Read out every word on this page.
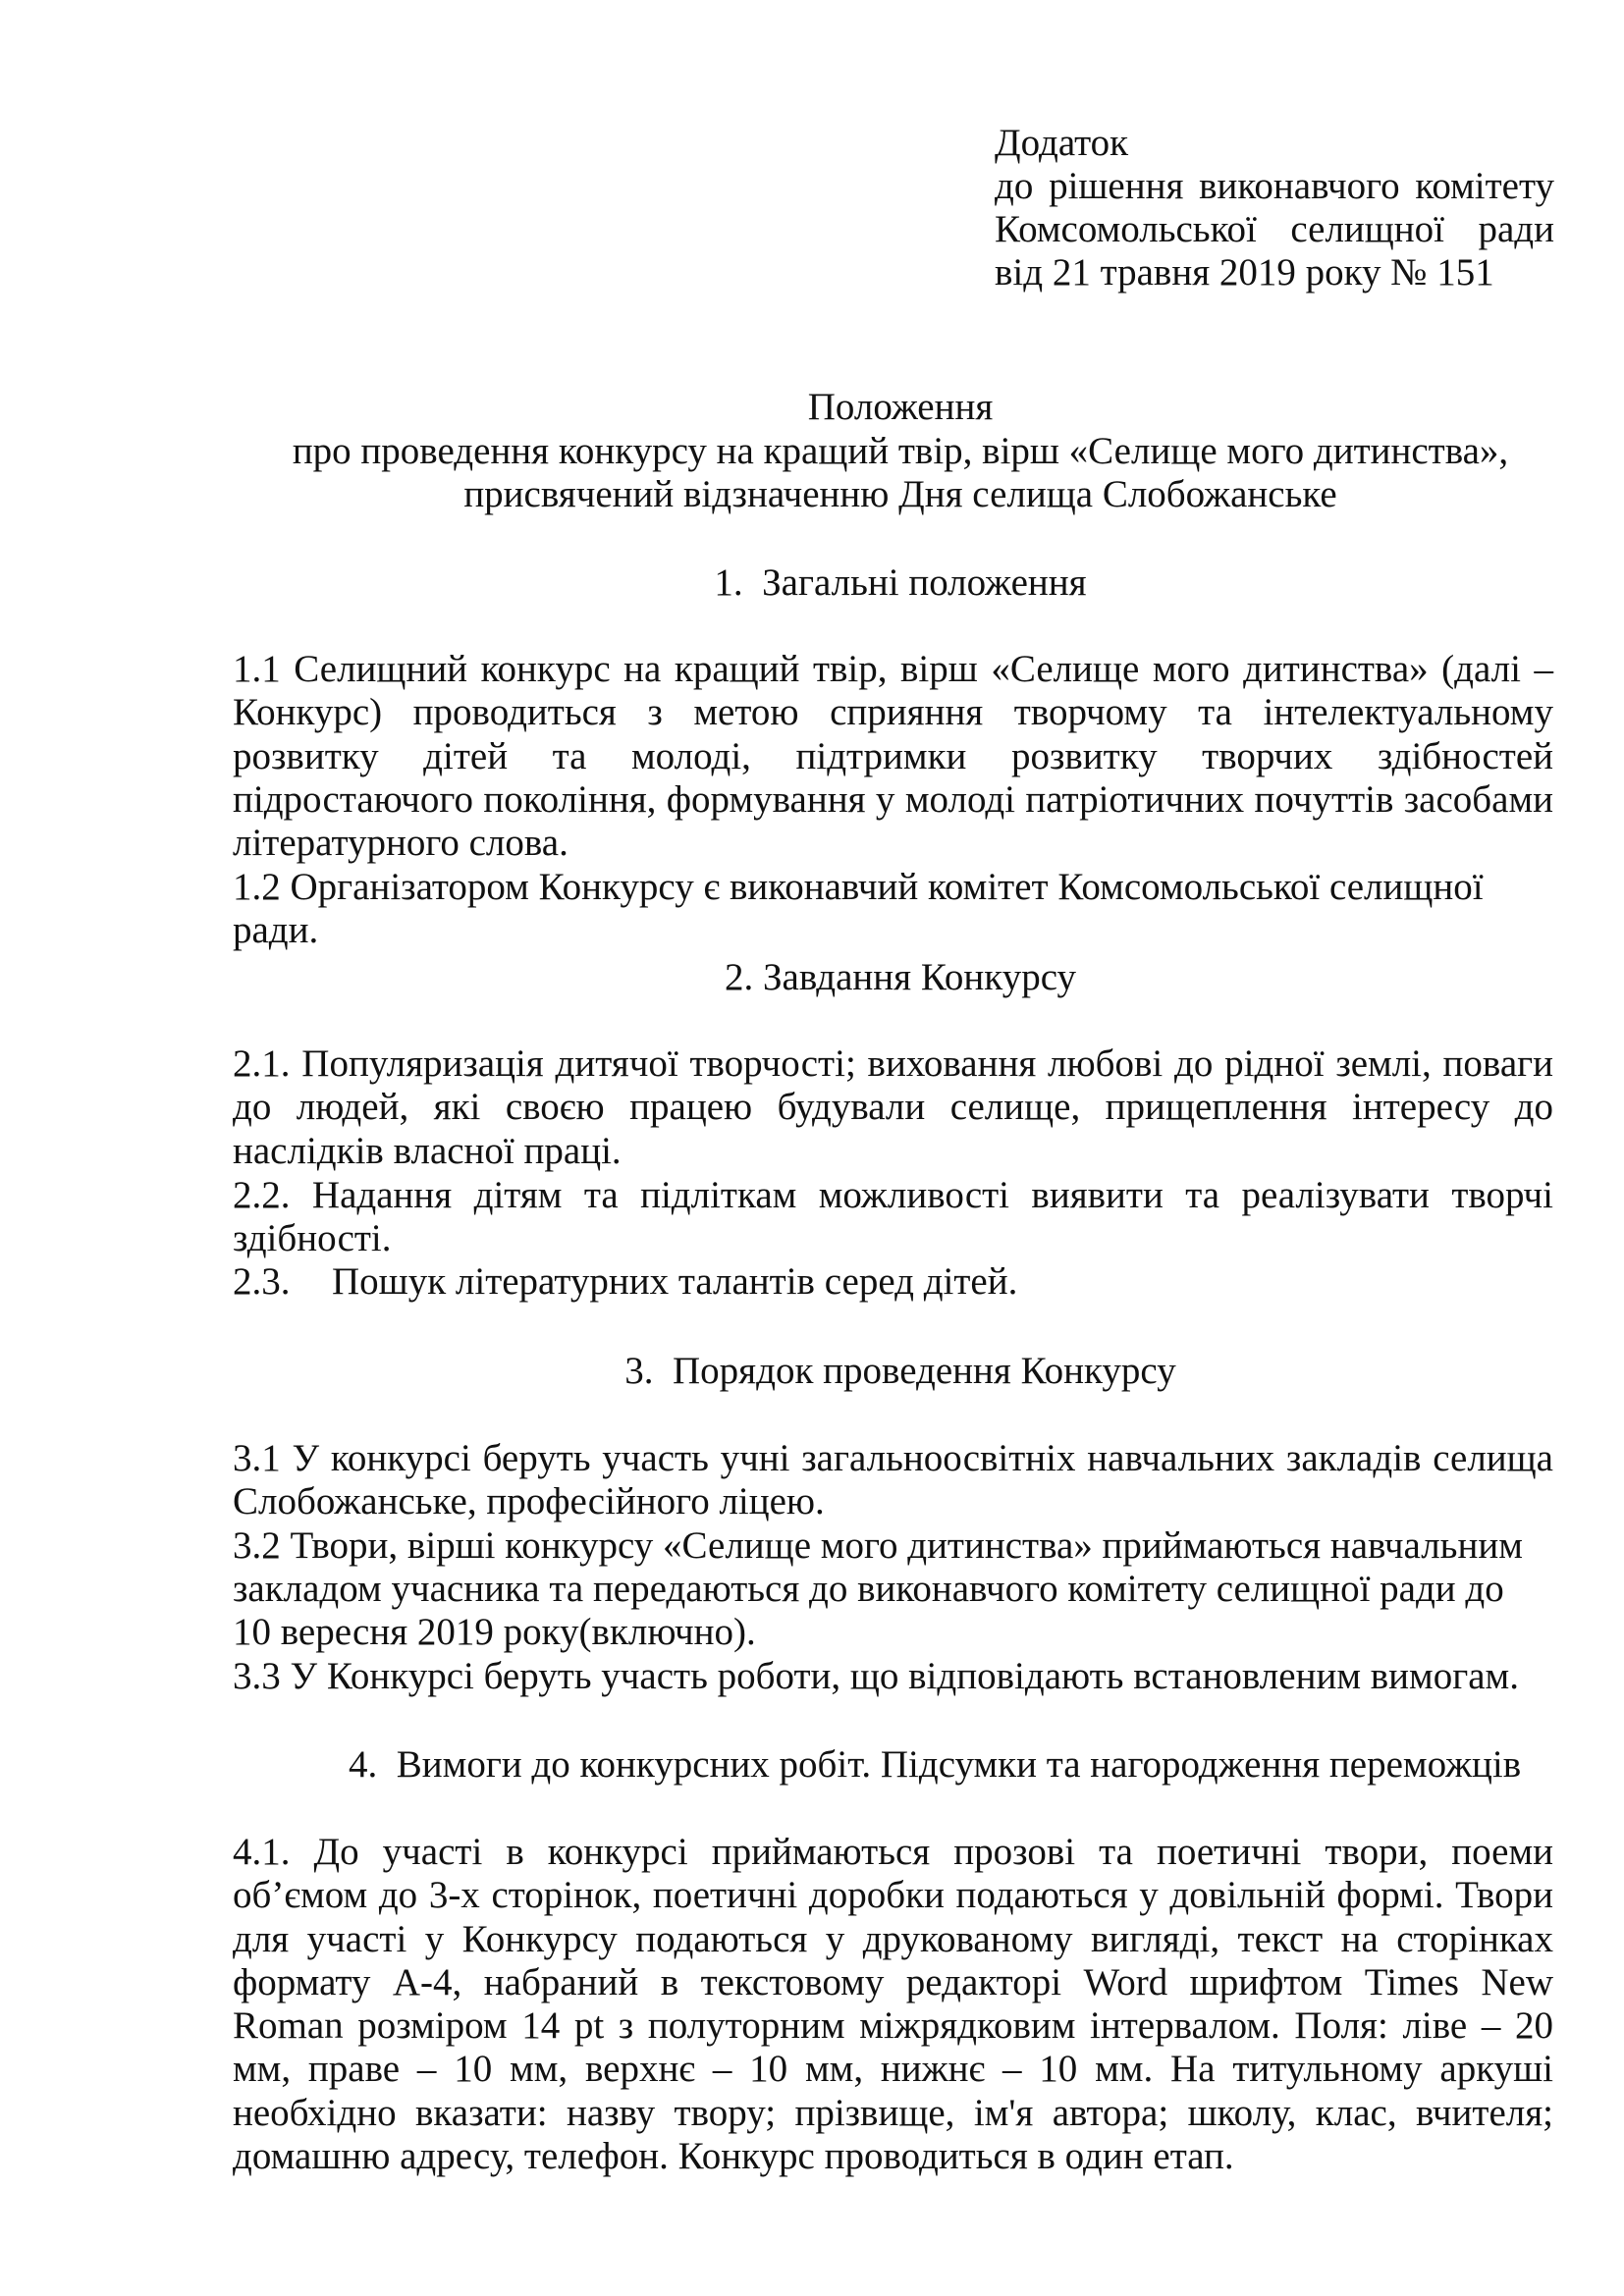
Додаток
до рішення виконавчого комітету
Комсомольської   селищної   ради
від 21 травня 2019 року № 151
Положення
про проведення конкурсу на кращий твір, вірш «Селище мого дитинства»,
присвячений відзначенню Дня селища Слобожанське
1.  Загальні положення
1.1 Селищний конкурс на кращий твір, вірш «Селище мого дитинства» (далі – Конкурс) проводиться з метою сприяння творчому та інтелектуальному розвитку дітей та молоді, підтримки розвитку творчих здібностей підростаючого покоління, формування у молоді патріотичних почуттів засобами літературного слова.
1.2 Організатором Конкурсу є виконавчий комітет Комсомольської селищної ради.
2. Завдання Конкурсу
2.1. Популяризація дитячої творчості; виховання любові до рідної землі, поваги до людей, які своєю працею будували селище, прищеплення інтересу до наслідків власної праці.
2.2. Надання дітям та підліткам можливості виявити та реалізувати творчі здібності.
2.3. Пошук літературних талантів серед дітей.
3.  Порядок проведення Конкурсу
3.1 У конкурсі беруть участь учні загальноосвітніх навчальних закладів селища Слобожанське, професійного ліцею.
3.2 Твори, вірші конкурсу «Селище мого дитинства» приймаються навчальним
закладом учасника та передаються до виконавчого комітету селищної ради до
10 вересня 2019 року(включно).
3.3 У Конкурсі беруть участь роботи, що відповідають встановленим вимогам.
4.  Вимоги до конкурсних робіт. Підсумки та нагородження переможців
4.1. До участі в конкурсі приймаються прозові та поетичні твори, поеми об’ємом до 3-х сторінок, поетичні доробки подаються у довільній формі. Твори для участі у Конкурсу подаються у друкованому вигляді, текст на сторінках формату А-4, набраний в текстовому редакторі Word шрифтом Times New Roman розміром 14 pt з полуторним міжрядковим інтервалом. Поля: ліве – 20 мм, праве – 10 мм, верхнє – 10 мм, нижнє – 10 мм. На титульному аркуші необхідно вказати: назву твору; прізвище, ім'я автора; школу, клас, вчителя; домашню адресу, телефон. Конкурс проводиться в один етап.
